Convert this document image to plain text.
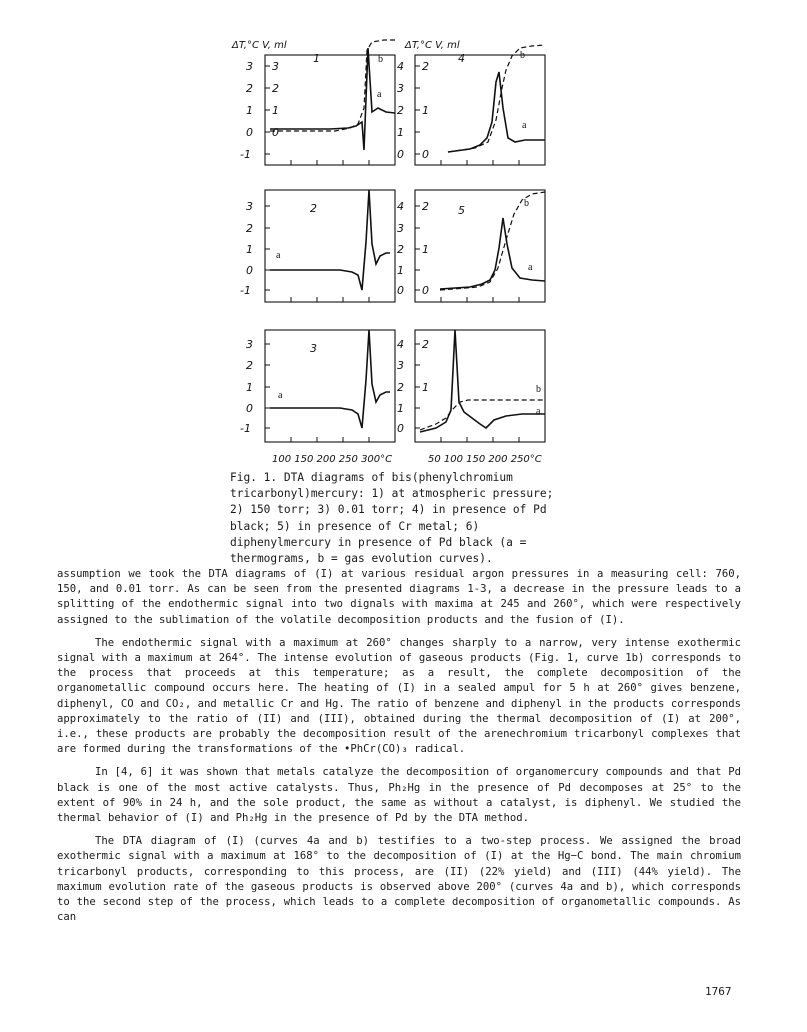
ΔT,°C V, ml	ΔT,°C V, ml
3
2
1
0
-1
3
2
1
0
1	b
a
4
3
2
1
0
2
1
0
4	b
a
3
2
1
0
-1
2
a
4
3
2
1
0
2
1
0
5
b
a
3
2
1
0
-1
3
a
4
3
2
1
0
2
1	b
a
100 150 200 250 300°C	50 100 150 200 250°C

Fig. 1. DTA diagrams of bis(phenylchromium tricarbonyl)mercury: 1) at atmospheric pressure; 2) 150 torr; 3) 0.01 torr; 4) in presence of Pd black; 5) in presence of Cr metal; 6) diphenylmercury in presence of Pd black (a = thermograms, b = gas evolution curves).

assumption we took the DTA diagrams of (I) at various residual argon pressures in a measuring cell: 760, 150, and 0.01 torr. As can be seen from the presented diagrams 1-3, a decrease in the pressure leads to a splitting of the endothermic signal into two dignals with maxima at 245 and 260°, which were respectively assigned to the sublimation of the volatile decomposition products and the fusion of (I).

The endothermic signal with a maximum at 260° changes sharply to a narrow, very intense exothermic signal with a maximum at 264°. The intense evolution of gaseous products (Fig. 1, curve 1b) corresponds to the process that proceeds at this temperature; as a result, the complete decomposition of the organometallic compound occurs here. The heating of (I) in a sealed ampul for 5 h at 260° gives benzene, diphenyl, CO and CO₂, and metallic Cr and Hg. The ratio of benzene and diphenyl in the products corresponds approximately to the ratio of (II) and (III), obtained during the thermal decomposition of (I) at 200°, i.e., these products are probably the decomposition result of the arenechromium tricarbonyl complexes that are formed during the transformations of the •PhCr(CO)₃ radical.

In [4, 6] it was shown that metals catalyze the decomposition of organomercury compounds and that Pd black is one of the most active catalysts. Thus, Ph₂Hg in the presence of Pd decomposes at 25° to the extent of 90% in 24 h, and the sole product, the same as without a catalyst, is diphenyl. We studied the thermal behavior of (I) and Ph₂Hg in the presence of Pd by the DTA method.

The DTA diagram of (I) (curves 4a and b) testifies to a two-step process. We assigned the broad exothermic signal with a maximum at 168° to the decomposition of (I) at the Hg−C bond. The main chromium tricarbonyl products, corresponding to this process, are (II) (22% yield) and (III) (44% yield). The maximum evolution rate of the gaseous products is observed above 200° (curves 4a and b), which corresponds to the second step of the process, which leads to a complete decomposition of organometallic compounds. As can

1767
